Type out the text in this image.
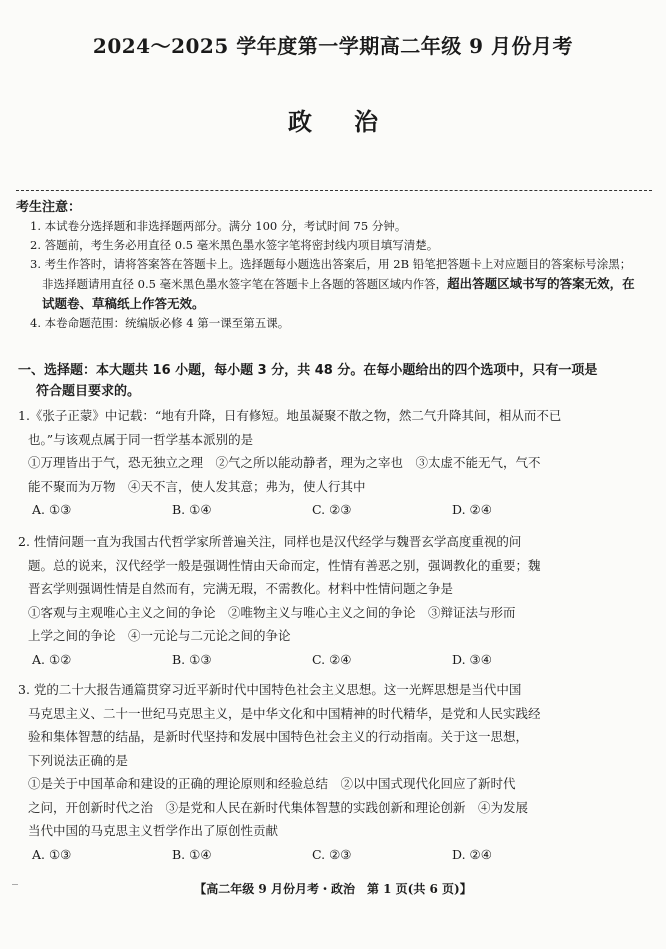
2024～2025 学年度第一学期高二年级 9 月份月考
政治
考生注意：
1. 本试卷分选择题和非选择题两部分。满分 100 分，考试时间 75 分钟。
2. 答题前，考生务必用直径 0.5 毫米黑色墨水签字笔将密封线内项目填写清楚。
3. 考生作答时，请将答案答在答题卡上。选择题每小题选出答案后，用 2B 铅笔把答题卡上对应题目的答案标号涂黑；非选择题请用直径 0.5 毫米黑色墨水签字笔在答题卡上各题的答题区域内作答，超出答题区域书写的答案无效，在试题卷、草稿纸上作答无效。
4. 本卷命题范围：统编版必修 4 第一课至第五课。
一、选择题：本大题共 16 小题，每小题 3 分，共 48 分。在每小题给出的四个选项中，只有一项是
符合题目要求的。

1.《张子正蒙》中记载：“地有升降，日有修短。地虽凝聚不散之物，然二气升降其间，相从而不已

也。”与该观点属于同一哲学基本派别的是

①万理皆出于气，恐无独立之理　②气之所以能动静者，理为之宰也　③太虚不能无气，气不

能不聚而为万物　④天不言，使人发其意；弗为，使人行其中

A. ①③	B. ①④	C. ②③	D. ②④

2. 性情问题一直为我国古代哲学家所普遍关注，同样也是汉代经学与魏晋玄学高度重视的问

题。总的说来，汉代经学一般是强调性情由天命而定，性情有善恶之别，强调教化的重要；魏

晋玄学则强调性情是自然而有，完满无瑕，不需教化。材料中性情问题之争是

①客观与主观唯心主义之间的争论　②唯物主义与唯心主义之间的争论　③辩证法与形而

上学之间的争论　④一元论与二元论之间的争论

A. ①②	B. ①③	C. ②④	D. ③④

3. 党的二十大报告通篇贯穿习近平新时代中国特色社会主义思想。这一光辉思想是当代中国

马克思主义、二十一世纪马克思主义，是中华文化和中国精神的时代精华，是党和人民实践经

验和集体智慧的结晶，是新时代坚持和发展中国特色社会主义的行动指南。关于这一思想，

下列说法正确的是

①是关于中国革命和建设的正确的理论原则和经验总结　②以中国式现代化回应了新时代

之问，开创新时代之治　③是党和人民在新时代集体智慧的实践创新和理论创新　④为发展

当代中国的马克思主义哲学作出了原创性贡献

A. ①③	B. ①④	C. ②③	D. ②④
【高二年级 9 月份月考・政治　第 1 页(共 6 页)】
